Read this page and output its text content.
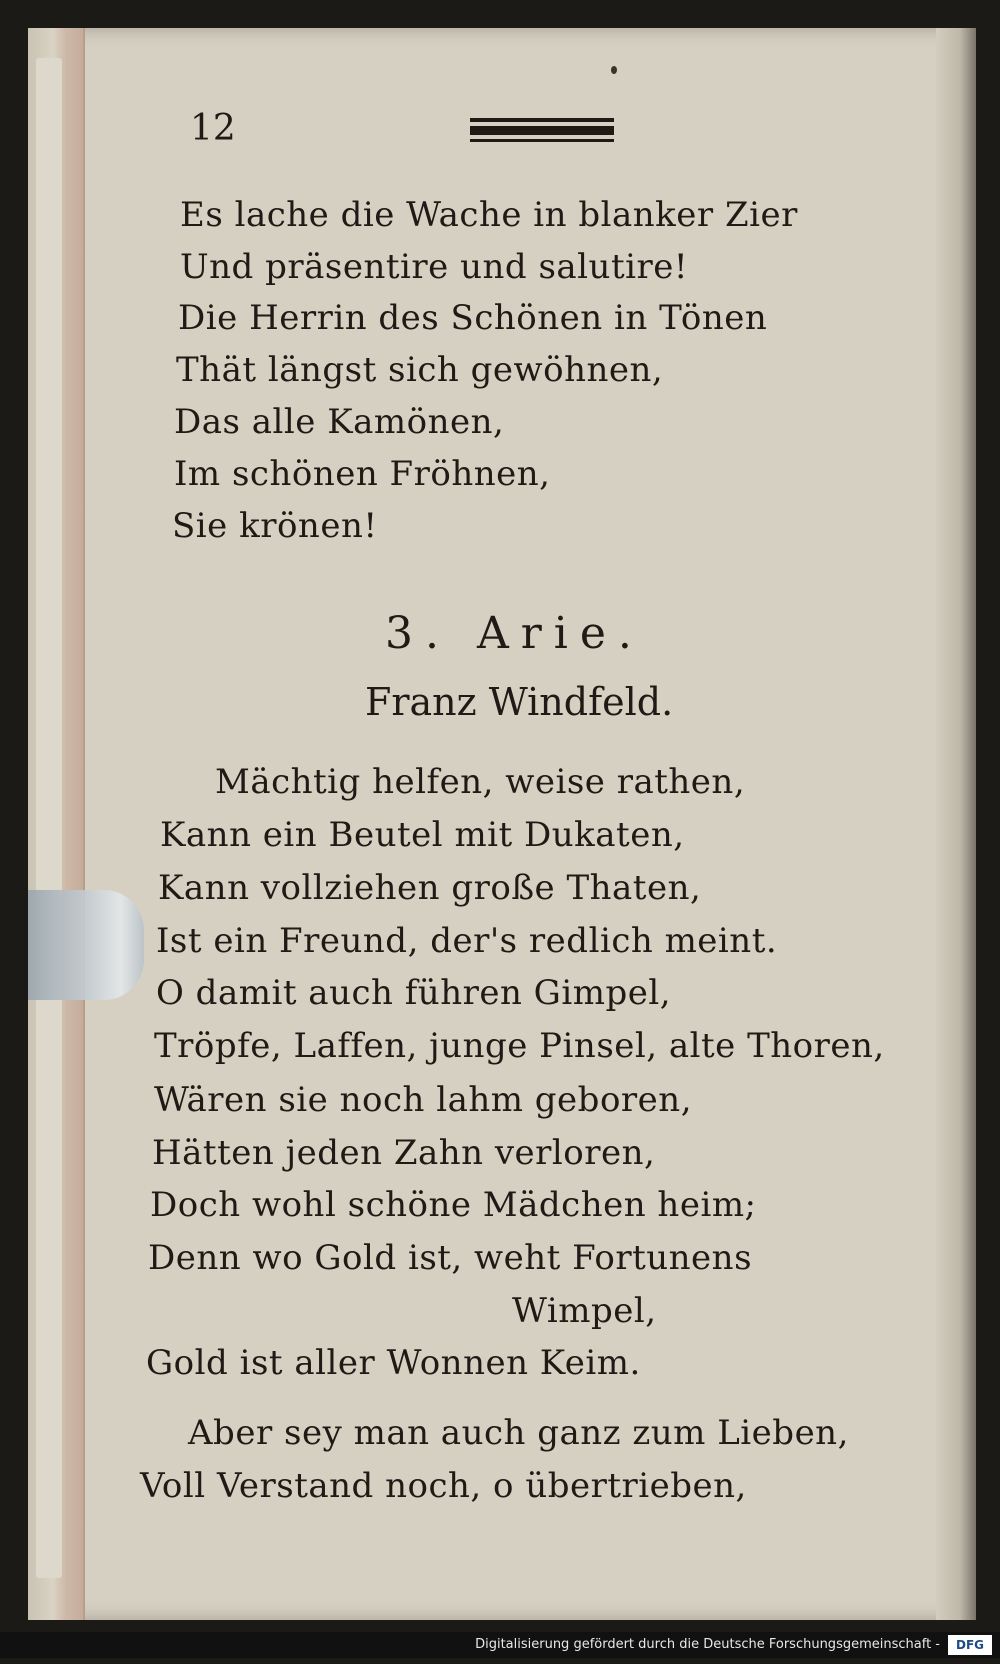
12
Es lache die Wache in blanker Zier
Und präsentire und salutire!
Die Herrin des Schönen in Tönen
Thät längst sich gewöhnen,
Das alle Kamönen,
Im schönen Fröhnen,
Sie krönen!
3. Arie.
Franz Windfeld.
Mächtig helfen, weise rathen,
Kann ein Beutel mit Dukaten,
Kann vollziehen große Thaten,
Ist ein Freund, der's redlich meint.
O damit auch führen Gimpel,
Tröpfe, Laffen, junge Pinsel, alte Thoren,
Wären sie noch lahm geboren,
Hätten jeden Zahn verloren,
Doch wohl schöne Mädchen heim;
Denn wo Gold ist, weht Fortunens
Wimpel,
Gold ist aller Wonnen Keim.
Aber sey man auch ganz zum Lieben,
Voll Verstand noch, o übertrieben,
Digitalisierung gefördert durch die Deutsche Forschungsgemeinschaft -	DFG
